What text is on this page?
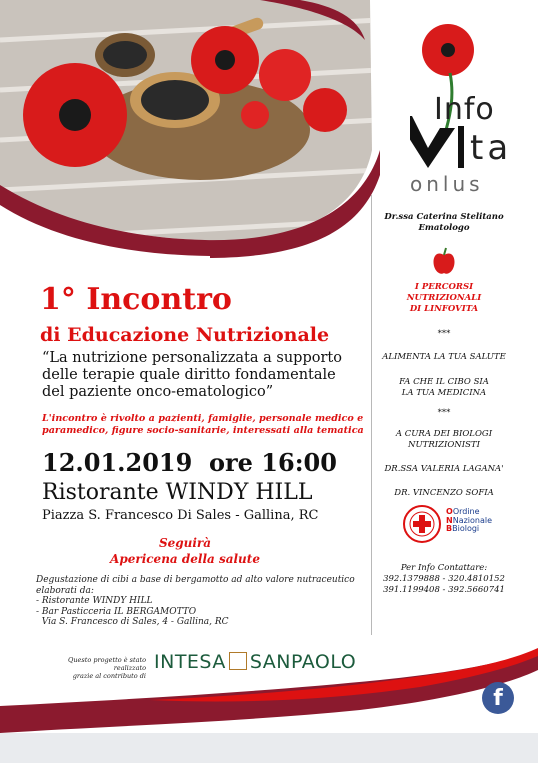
Info
ta
onlus
Dr.ssa Caterina Stelitano
Ematologo
I PERCORSI NUTRIZIONALI
DI LINFOVITA
***
ALIMENTA LA TUA SALUTE
FA CHE IL CIBO SIA
LA TUA MEDICINA
***
A CURA DEI BIOLOGI
NUTRIZIONISTI
DR.SSA VALERIA LAGANA'
DR. VINCENZO SOFIA
Per Info Contattare:
392.1379888 - 320.4810152
391.1199408 - 392.5660741
OOrdine
NNazionale
BBiologi
1° Incontro
di Educazione Nutrizionale
“La nutrizione personalizzata a supporto
delle terapie quale diritto fondamentale
del paziente onco-ematologico”
L'incontro è rivolto a pazienti, famiglie, personale medico e
paramedico, figure socio-sanitarie, interessati alla tematica
12.01.2019  ore 16:00
Ristorante WINDY HILL
Piazza S. Francesco Di Sales - Gallina, RC
Seguirà
Apericena della salute
Degustazione di cibi a base di bergamotto ad alto valore nutraceutico
elaborati da:
- Ristorante WINDY HILL
- Bar Pasticceria IL BERGAMOTTO
Via S. Francesco di Sales, 4 - Gallina, RC
Questo progetto è stato realizzato
grazie al contributo di
INTESA SANPAOLO
f
